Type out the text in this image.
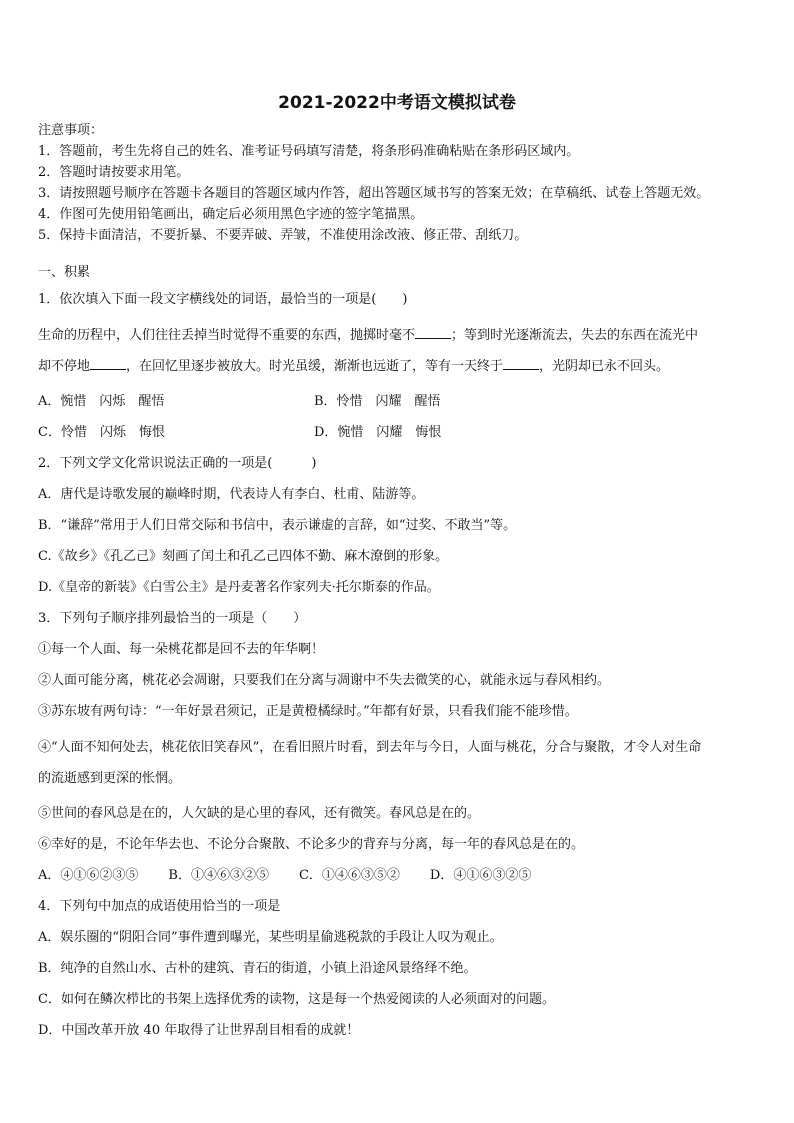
2021-2022中考语文模拟试卷
注意事项：
1．答题前，考生先将自己的姓名、准考证号码填写清楚，将条形码准确粘贴在条形码区域内。
2．答题时请按要求用笔。
3．请按照题号顺序在答题卡各题目的答题区域内作答，超出答题区域书写的答案无效；在草稿纸、试卷上答题无效。
4．作图可先使用铅笔画出，确定后必须用黑色字迹的签字笔描黑。
5．保持卡面清洁，不要折暴、不要弄破、弄皱，不准使用涂改液、修正带、刮纸刀。
一、积累
1．依次填入下面一段文字横线处的词语，最恰当的一项是(　　)
生命的历程中，人们往往丢掉当时觉得不重要的东西，抛掷时毫不	；等到时光逐渐流去，失去的东西在流光中
却不停地	，在回忆里逐步被放大。时光虽缓，渐渐也远逝了，等有一天终于	，光阴却已永不回头。
A．惋惜　闪烁　醒悟	B．怜惜　闪耀　醒悟
C．怜惜　闪烁　悔恨	D．惋惜　闪耀　悔恨
2．下列文学文化常识说法正确的一项是(　　　)
A．唐代是诗歌发展的巅峰时期，代表诗人有李白、杜甫、陆游等。
B．“谦辞”常用于人们日常交际和书信中，表示谦虚的言辞，如“过奖、不敢当”等。
C.《故乡》《孔乙己》刻画了闰土和孔乙己四体不勤、麻木潦倒的形象。
D.《皇帝的新装》《白雪公主》是丹麦著名作家列夫·托尔斯泰的作品。
3．下列句子顺序排列最恰当的一项是（　　）
①每一个人面、每一朵桃花都是回不去的年华啊！
②人面可能分离，桃花必会凋谢，只要我们在分离与凋谢中不失去微笑的心，就能永远与春风相约。
③苏东坡有两句诗：“一年好景君须记，正是黄橙橘绿时。”年都有好景，只看我们能不能珍惜。
④“人面不知何处去，桃花依旧笑春风”，在看旧照片时看，到去年与今日，人面与桃花，分合与聚散，才令人对生命
的流逝感到更深的怅惘。
⑤世间的春风总是在的，人欠缺的是心里的春风，还有微笑。春风总是在的。
⑥幸好的是，不论年华去也、不论分合聚散、不论多少的背弃与分离，每一年的春风总是在的。
A．④①⑥②③⑤ B．①④⑥③②⑤ C．①④⑥③⑤② D．④①⑥③②⑤
4．下列句中加点的成语使用恰当的一项是
A．娱乐圈的“阴阳合同”事件遭到曝光，某些明星偷逃税款的手段让人叹为观止。
B．纯净的自然山水、古朴的建筑、青石的街道，小镇上沿途风景络绎不绝。
C．如何在鳞次栉比的书架上选择优秀的读物，这是每一个热爱阅读的人必须面对的问题。
D．中国改革开放 40 年取得了让世界刮目相看的成就！
